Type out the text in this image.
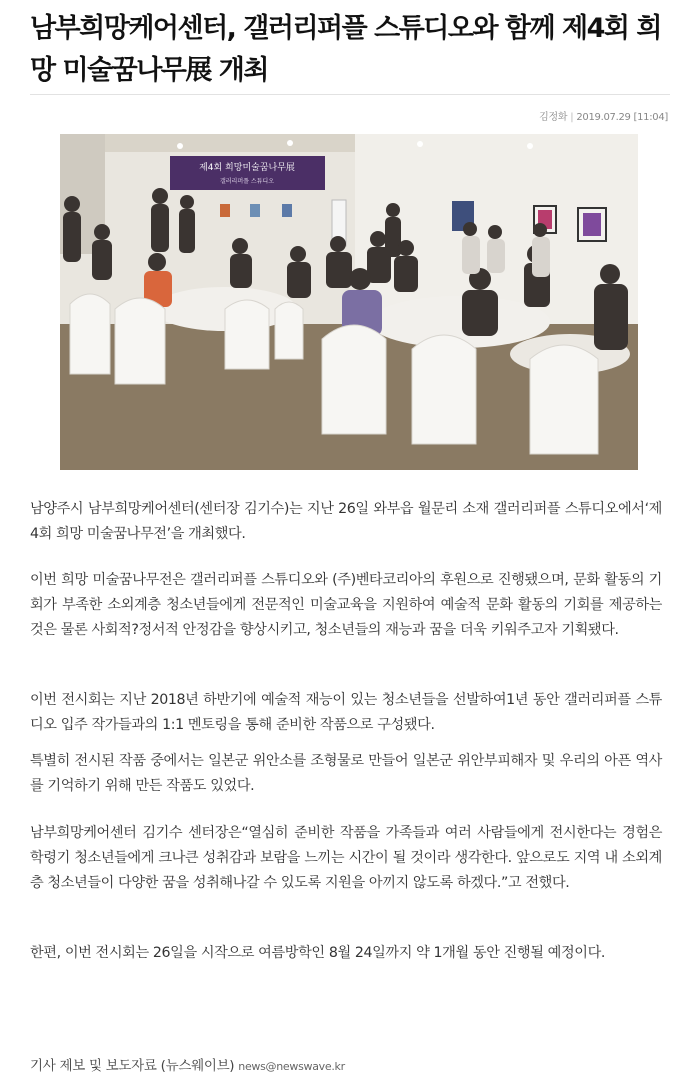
남부희망케어센터, 갤러리퍼플 스튜디오와 함께 제4회 희망 미술꿈나무展 개최
김정화 | 2019.07.29 [11:04]
제4회 희망미술꿈나무展
갤러리퍼플 스튜디오

남양주시 남부희망케어센터(센터장 김기수)는 지난 26일 와부읍 월문리 소재 갤러리퍼플 스튜디오에서‘제4회 희망 미술꿈나무전’을 개최했다.

이번 희망 미술꿈나무전은 갤러리퍼플 스튜디오와 (주)벤타코리아의 후원으로 진행됐으며, 문화 활동의 기회가 부족한 소외계층 청소년들에게 전문적인 미술교육을 지원하여 예술적 문화 활동의 기회를 제공하는 것은 물론 사회적?정서적 안정감을 향상시키고, 청소년들의 재능과 꿈을 더욱 키워주고자 기획됐다.

이번 전시회는 지난 2018년 하반기에 예술적 재능이 있는 청소년들을 선발하여1년 동안 갤러리퍼플 스튜디오 입주 작가들과의 1:1 멘토링을 통해 준비한 작품으로 구성됐다.

특별히 전시된 작품 중에서는 일본군 위안소를 조형물로 만들어 일본군 위안부피해자 및 우리의 아픈 역사를 기억하기 위해 만든 작품도 있었다.

남부희망케어센터 김기수 센터장은“열심히 준비한 작품을 가족들과 여러 사람들에게 전시한다는 경험은 학령기 청소년들에게 크나큰 성취감과 보람을 느끼는 시간이 될 것이라 생각한다. 앞으로도 지역 내 소외계층 청소년들이 다양한 꿈을 성취해나갈 수 있도록 지원을 아끼지 않도록 하겠다.”고 전했다.

한편, 이번 전시회는 26일을 시작으로 여름방학인 8월 24일까지 약 1개월 동안 진행될 예정이다.

기사 제보 및 보도자료 (뉴스웨이브) news@newswave.kr
